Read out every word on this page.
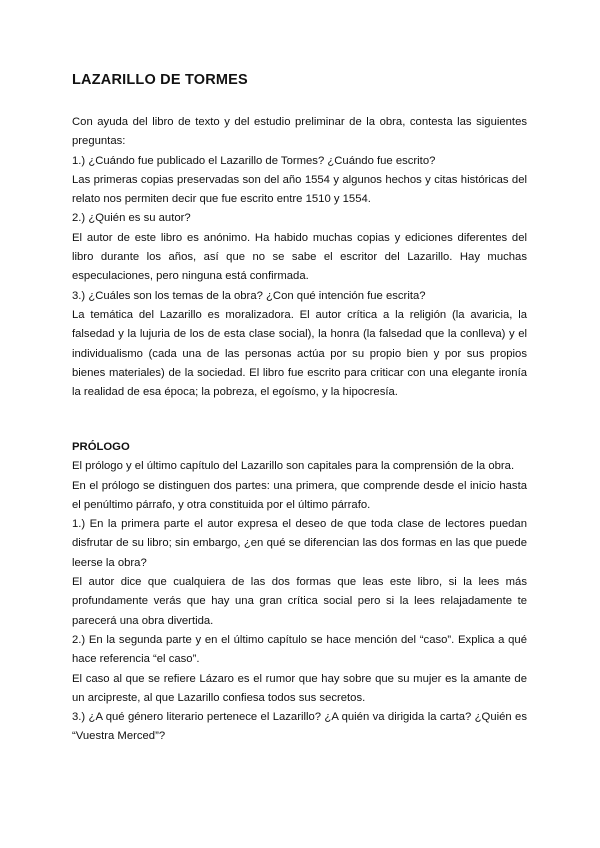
LAZARILLO DE TORMES

Con ayuda del libro de texto y del estudio preliminar de la obra, contesta las siguientes preguntas:

1.) ¿Cuándo fue publicado el Lazarillo de Tormes? ¿Cuándo fue escrito?

Las primeras copias preservadas son del año 1554 y algunos hechos y citas históricas del relato nos permiten decir que fue escrito entre 1510 y 1554.

2.) ¿Quién es su autor?

El autor de este libro es anónimo. Ha habido muchas copias y ediciones diferentes del libro durante los años, así que no se sabe el escritor del Lazarillo. Hay muchas especulaciones, pero ninguna está confirmada.

3.) ¿Cuáles son los temas de la obra? ¿Con qué intención fue escrita?

La temática del Lazarillo es moralizadora. El autor crítica a la religión (la avaricia, la falsedad y la lujuria de los de esta clase social), la honra (la falsedad que la conlleva) y el individualismo (cada una de las personas actúa por su propio bien y por sus propios bienes materiales) de la sociedad. El libro fue escrito para criticar con una elegante ironía la realidad de esa época; la pobreza, el egoísmo, y la hipocresía.

PRÓLOGO

El prólogo y el último capítulo del Lazarillo son capitales para la comprensión de la obra.

En el prólogo se distinguen dos partes: una primera, que comprende desde el inicio hasta el penúltimo párrafo, y otra constituida por el último párrafo.

1.) En la primera parte el autor expresa el deseo de que toda clase de lectores puedan disfrutar de su libro; sin embargo, ¿en qué se diferencian las dos formas en las que puede leerse la obra?

El autor dice que cualquiera de las dos formas que leas este libro, si la lees más profundamente verás que hay una gran crítica social pero si la lees relajadamente te parecerá una obra divertida.

2.) En la segunda parte y en el último capítulo se hace mención del “caso”. Explica a qué hace referencia “el caso”.

El caso al que se refiere Lázaro es el rumor que hay sobre que su mujer es la amante de un arcipreste, al que Lazarillo confiesa todos sus secretos.

3.) ¿A qué género literario pertenece el Lazarillo? ¿A quién va dirigida la carta? ¿Quién es “Vuestra Merced”?
